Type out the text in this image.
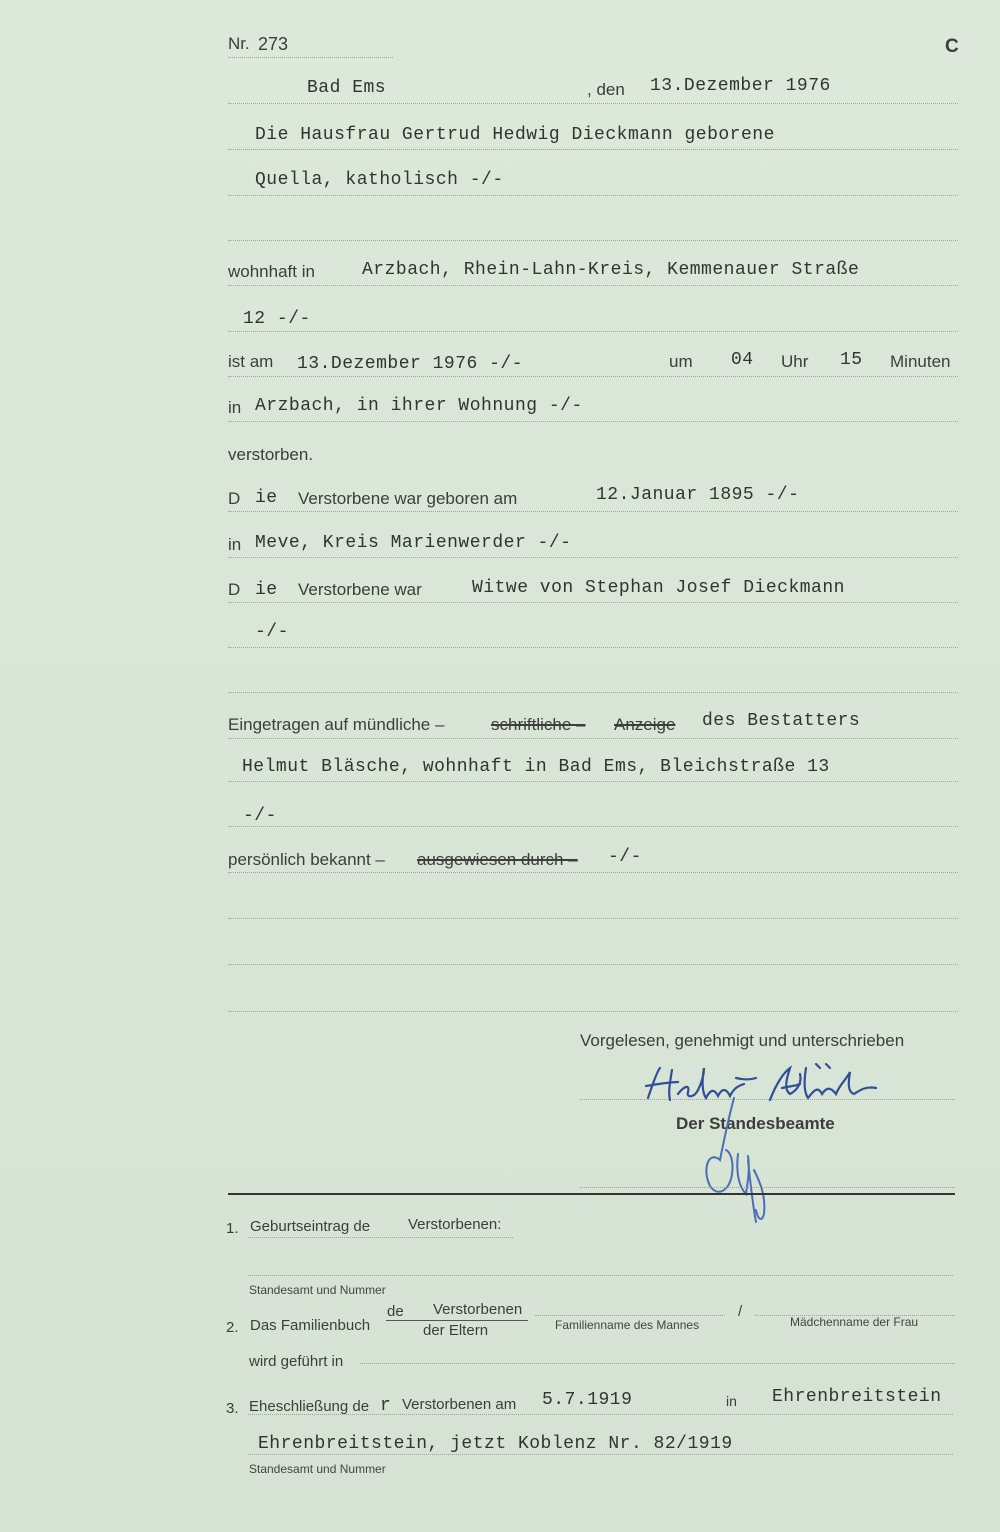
Nr. 273	C
Bad Ems	, den 13.Dezember 1976
Die Hausfrau Gertrud Hedwig Dieckmann geborene
Quella, katholisch -/-
wohnhaft in	Arzbach, Rhein-Lahn-Kreis, Kemmenauer Straße
12 -/-
ist am 13.Dezember 1976 -/-	um 04 Uhr 15 Minuten
in Arzbach, in ihrer Wohnung -/-
verstorben.
D ie Verstorbene war geboren am	12.Januar 1895 -/-
in Meve, Kreis Marienwerder -/-
D ie Verstorbene war	Witwe von Stephan Josef Dieckmann
-/-
Eingetragen auf mündliche –	schriftliche – Anzeige des Bestatters
Helmut Bläsche, wohnhaft in Bad Ems, Bleichstraße 13
-/-
persönlich bekannt – ausgewiesen durch – -/-
Vorgelesen, genehmigt und unterschrieben
Der Standesbeamte
1. Geburtseintrag de	Verstorbenen:
Standesamt und Nummer
2. Das Familienbuch
de Verstorbenen
der Eltern	Familienname des Mannes
/
Mädchenname der Frau
wird geführt in
3. Eheschließung de r Verstorbenen am 5.7.1919	in Ehrenbreitstein
Ehrenbreitstein, jetzt Koblenz Nr. 82/1919
Standesamt und Nummer
